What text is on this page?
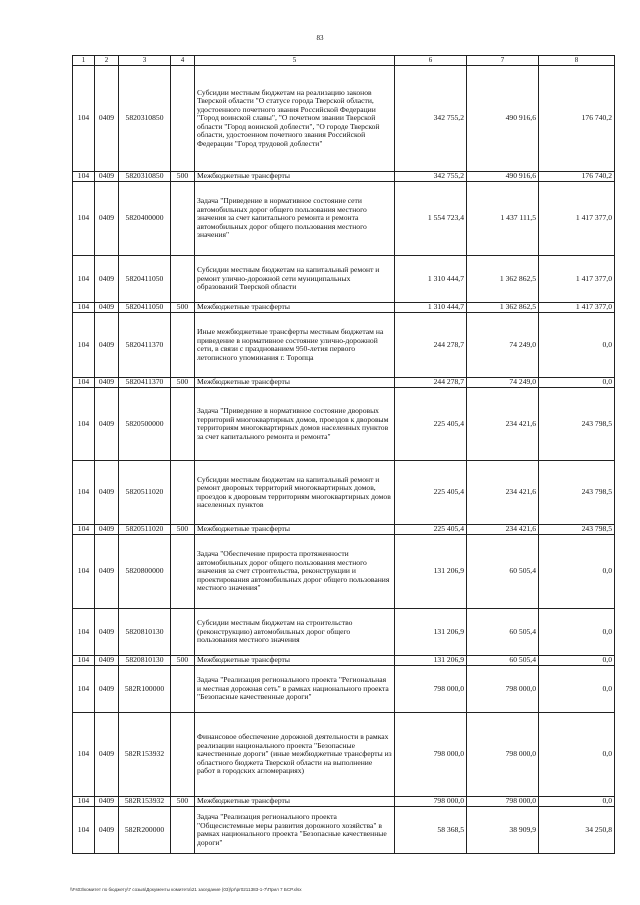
83
1	2	3	4	5	6	7	8
104	0409	5820310850		Субсидии местным бюджетам на реализацию законов Тверской области "О статусе города Тверской области, удостоенного почетного звания Российской Федерации "Город воинской славы", "О почетном звании Тверской области "Город воинской доблести", "О городе Тверской области, удостоенном почетного звания Российской Федерации "Город трудовой доблести"	342 755,2	490 916,6	176 740,2
104	0409	5820310850	500	Межбюджетные трансферты	342 755,2	490 916,6	176 740,2
104	0409	5820400000		Задача "Приведение в нормативное состояние сети автомобильных дорог общего пользования местного значения за счет капитального ремонта и ремонта автомобильных дорог общего пользования местного значения"	1 554 723,4	1 437 111,5	1 417 377,0
104	0409	5820411050		Субсидии местным бюджетам на капитальный ремонт и ремонт улично-дорожной сети муниципальных образований Тверской области	1 310 444,7	1 362 862,5	1 417 377,0
104	0409	5820411050	500	Межбюджетные трансферты	1 310 444,7	1 362 862,5	1 417 377,0
104	0409	5820411370		Иные межбюджетные трансферты местным бюджетам на приведение в нормативное состояние улично-дорожной сети, в связи с празднованием 950-летия первого летописного упоминания г. Торопца	244 278,7	74 249,0	0,0
104	0409	5820411370	500	Межбюджетные трансферты	244 278,7	74 249,0	0,0
104	0409	5820500000		Задача "Приведение в нормативное состояние дворовых территорий многоквартирных домов, проездов к дворовым территориям многоквартирных домов населенных пунктов за счет капитального ремонта и ремонта"	225 405,4	234 421,6	243 798,5
104	0409	5820511020		Субсидии местным бюджетам на капитальный ремонт и ремонт дворовых территорий многоквартирных домов, проездов к дворовым территориям многоквартирных домов населенных пунктов	225 405,4	234 421,6	243 798,5
104	0409	5820511020	500	Межбюджетные трансферты	225 405,4	234 421,6	243 798,5
104	0409	5820800000		Задача "Обеспечение прироста протяженности автомобильных дорог общего пользования местного значения за счет строительства, реконструкции и проектирования автомобильных дорог общего пользования местного значения"	131 206,9	60 505,4	0,0
104	0409	5820810130		Субсидии местным бюджетам на строительство (реконструкцию) автомобильных дорог общего пользования местного значения	131 206,9	60 505,4	0,0
104	0409	5820810130	500	Межбюджетные трансферты	131 206,9	60 505,4	0,0
104	0409	582R100000		Задача "Реализация регионального проекта "Региональная и местная дорожная сеть" в рамках национального проекта "Безопасные качественные дороги"	798 000,0	798 000,0	0,0
104	0409	582R153932		Финансовое обеспечение дорожной деятельности в рамках реализации национального проекта "Безопасные качественные дороги" (иные межбюджетные трансферты из областного бюджета Тверской области на выполнение работ в городских агломерациях)	798 000,0	798 000,0	0,0
104	0409	582R153932	500	Межбюджетные трансферты	798 000,0	798 000,0	0,0
104	0409	582R200000		Задача "Реализация регионального проекта "Общесистемные меры развития дорожного хозяйства" в рамках национального проекта "Безопасные качественные дороги"	58 368,5	38 909,9	34 250,8
\\Fs03\комитет по бюджету\7 созыв\Документы комитета\21 заседание (03)\pr\pr0211383-1-7\Прил 7 БСР.xlsx
